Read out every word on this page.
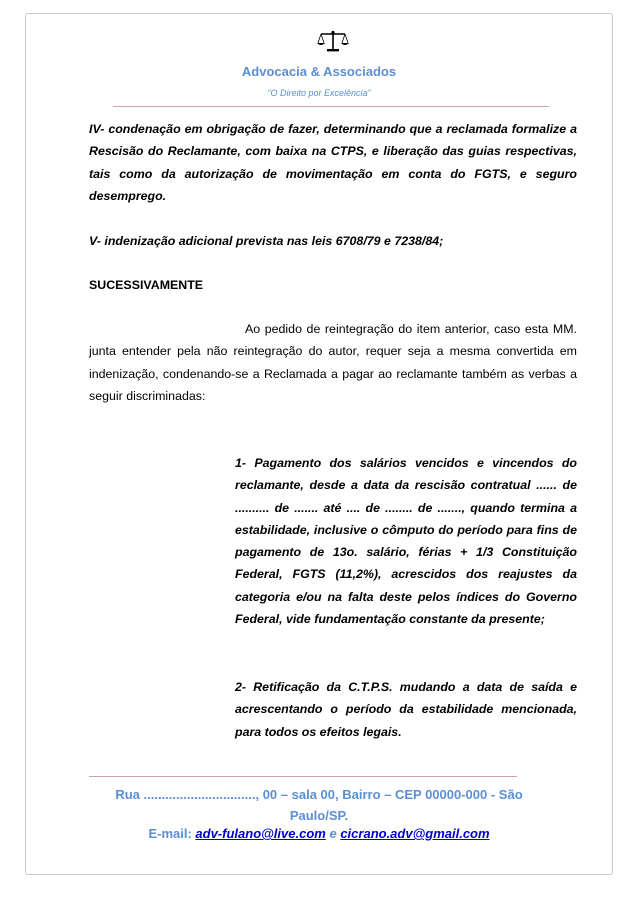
Advocacia & Associados
“O Direito por Excelência”

IV- condenação em obrigação de fazer, determinando que a reclamada formalize a Rescisão do Reclamante, com baixa na CTPS, e liberação das guias respectivas, tais como da autorização de movimentação em conta do FGTS, e seguro desemprego.

V- indenização adicional prevista nas leis 6708/79 e 7238/84;

SUCESSIVAMENTE

Ao pedido de reintegração do item anterior, caso esta MM. junta entender pela não reintegração do autor, requer seja a mesma convertida em indenização, condenando-se a Reclamada a pagar ao reclamante também as verbas a seguir discriminadas:

1- Pagamento dos salários vencidos e vincendos do reclamante, desde a data da rescisão contratual ...... de .......... de ....... até .... de ........ de ......., quando termina a estabilidade, inclusive o cômputo do período para fins de pagamento de 13o. salário, férias + 1/3 Constituição Federal, FGTS (11,2%), acrescidos dos reajustes da categoria e/ou na falta deste pelos índices do Governo Federal, vide fundamentação constante da presente;

2- Retificação da C.T.P.S. mudando a data de saída e acrescentando o período da estabilidade mencionada, para todos os efeitos legais.

Rua ..............................., 00 – sala 00, Bairro – CEP 00000-000 - São Paulo/SP.
E-mail: adv-fulano@live.com e cicrano.adv@gmail.com
